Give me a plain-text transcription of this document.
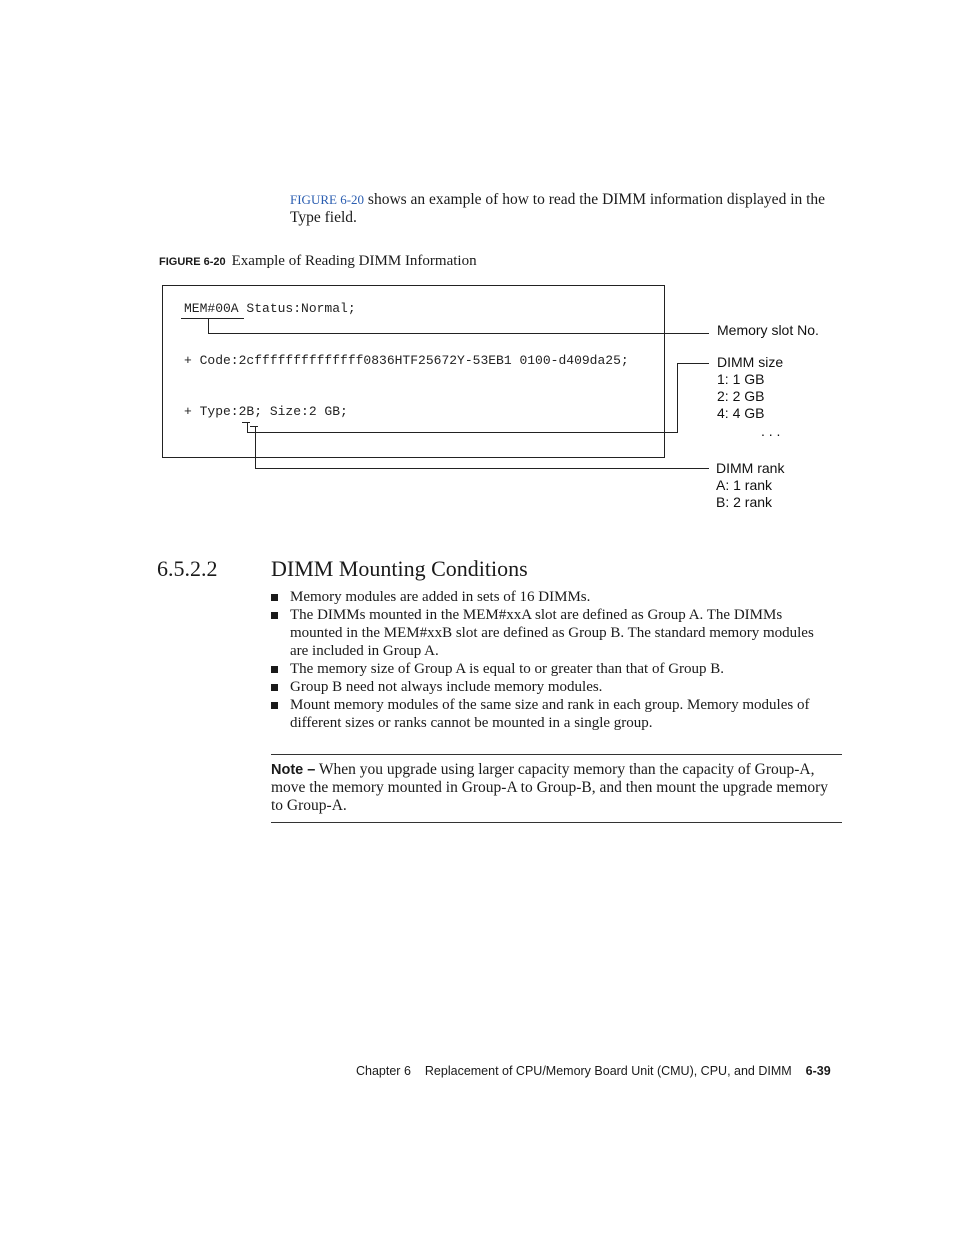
FIGURE 6-20 shows an example of how to read the DIMM information displayed in the Type field.
FIGURE 6-20 Example of Reading DIMM Information
MEM#00A Status:Normal;
+ Code:2cffffffffffffff0836HTF25672Y-53EB1 0100-d409da25;
+ Type:2B; Size:2 GB;
Memory slot No.
DIMM size
1: 1 GB
2: 2 GB
4: 4 GB
. . .
DIMM rank
A: 1 rank
B: 2 rank
6.5.2.2 DIMM Mounting Conditions
Memory modules are added in sets of 16 DIMMs.
The DIMMs mounted in the MEM#xxA slot are defined as Group A. The DIMMs mounted in the MEM#xxB slot are defined as Group B. The standard memory modules are included in Group A.
The memory size of Group A is equal to or greater than that of Group B.
Group B need not always include memory modules.
Mount memory modules of the same size and rank in each group. Memory modules of different sizes or ranks cannot be mounted in a single group.
Note – When you upgrade using larger capacity memory than the capacity of Group-A, move the memory mounted in Group-A to Group-B, and then mount the upgrade memory to Group-A.
Chapter 6 Replacement of CPU/Memory Board Unit (CMU), CPU, and DIMM 6-39
